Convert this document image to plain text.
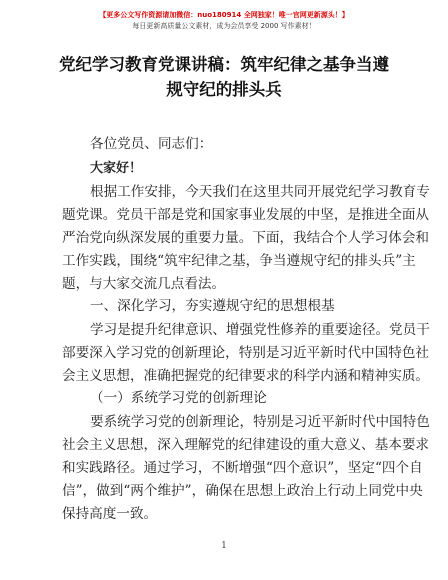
【更多公文写作资源请加微信：nuo180914 全网独家！唯一官网更新源头！】
每日更新高质量公文素材，成为会员享受 2000 写作素材！
党纪学习教育党课讲稿：筑牢纪律之基争当遵
规守纪的排头兵
各位党员、同志们：
大家好！
根据工作安排，今天我们在这里共同开展党纪学习教育专
题党课。党员干部是党和国家事业发展的中坚，是推进全面从
严治党向纵深发展的重要力量。下面，我结合个人学习体会和
工作实践，围绕“筑牢纪律之基，争当遵规守纪的排头兵”主
题，与大家交流几点看法。
一、深化学习，夯实遵规守纪的思想根基
学习是提升纪律意识、增强党性修养的重要途径。党员干
部要深入学习党的创新理论，特别是习近平新时代中国特色社
会主义思想，准确把握党的纪律要求的科学内涵和精神实质。
（一）系统学习党的创新理论
要系统学习党的创新理论，特别是习近平新时代中国特色
社会主义思想，深入理解党的纪律建设的重大意义、基本要求
和实践路径。通过学习，不断增强“四个意识”，坚定“四个自
信”，做到“两个维护”，确保在思想上政治上行动上同党中央
保持高度一致。
1
